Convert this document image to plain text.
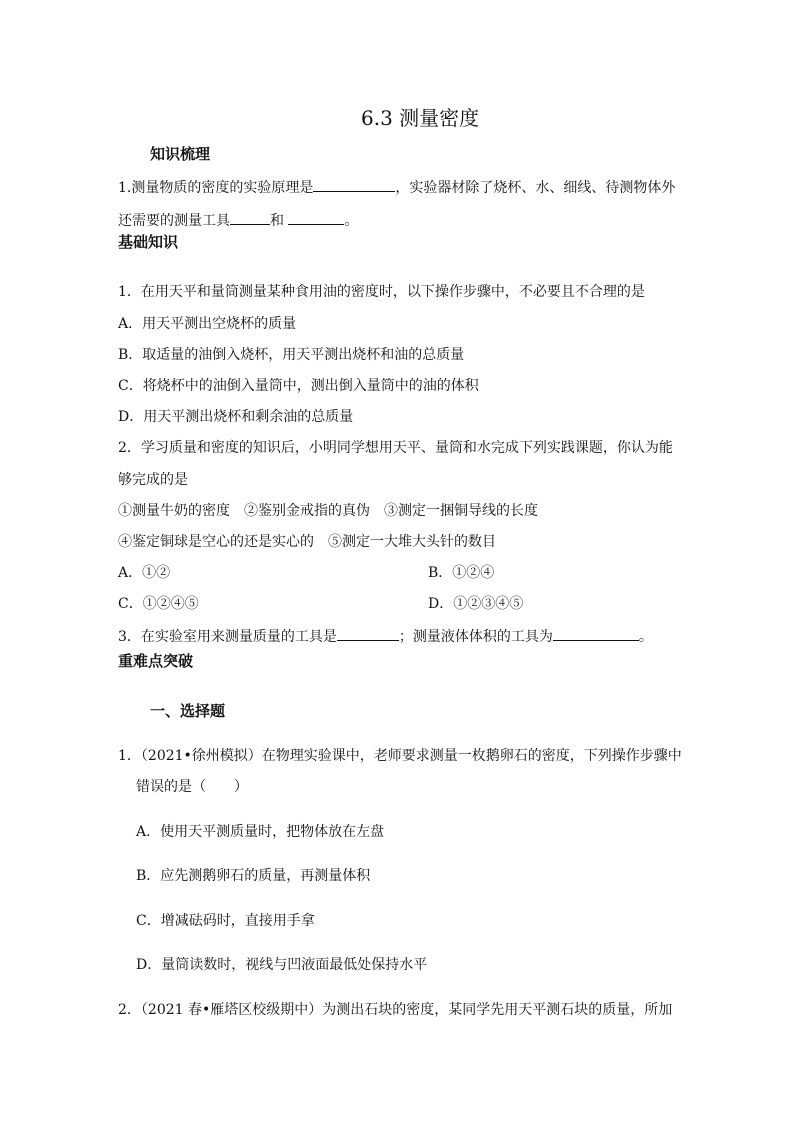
6.3 测量密度
知识梳理
1.测量物质的密度的实验原理是	，实验器材除了烧杯、水、细线、待测物体外
还需要的测量工具	和	。
基础知识
1．在用天平和量筒测量某种食用油的密度时，以下操作步骤中，不必要且不合理的是
A．用天平测出空烧杯的质量
B．取适量的油倒入烧杯，用天平测出烧杯和油的总质量
C．将烧杯中的油倒入量筒中，测出倒入量筒中的油的体积
D．用天平测出烧杯和剩余油的总质量
2．学习质量和密度的知识后，小明同学想用天平、量筒和水完成下列实践课题，你认为能
够完成的是
①测量牛奶的密度　②鉴别金戒指的真伪　③测定一捆铜导线的长度
④鉴定铜球是空心的还是实心的　⑤测定一大堆大头针的数目
A．①②	B．①②④
C．①②④⑤	D．①②③④⑤
3．在实验室用来测量质量的工具是	；测量液体体积的工具为	。
重难点突破
一、选择题
1．（2021•徐州模拟）在物理实验课中，老师要求测量一枚鹅卵石的密度，下列操作步骤中
错误的是（　　）
A．使用天平测质量时，把物体放在左盘
B．应先测鹅卵石的质量，再测量体积
C．增减砝码时，直接用手拿
D．量筒读数时，视线与凹液面最低处保持水平
2．（2021 春•雁塔区校级期中）为测出石块的密度，某同学先用天平测石块的质量，所加
